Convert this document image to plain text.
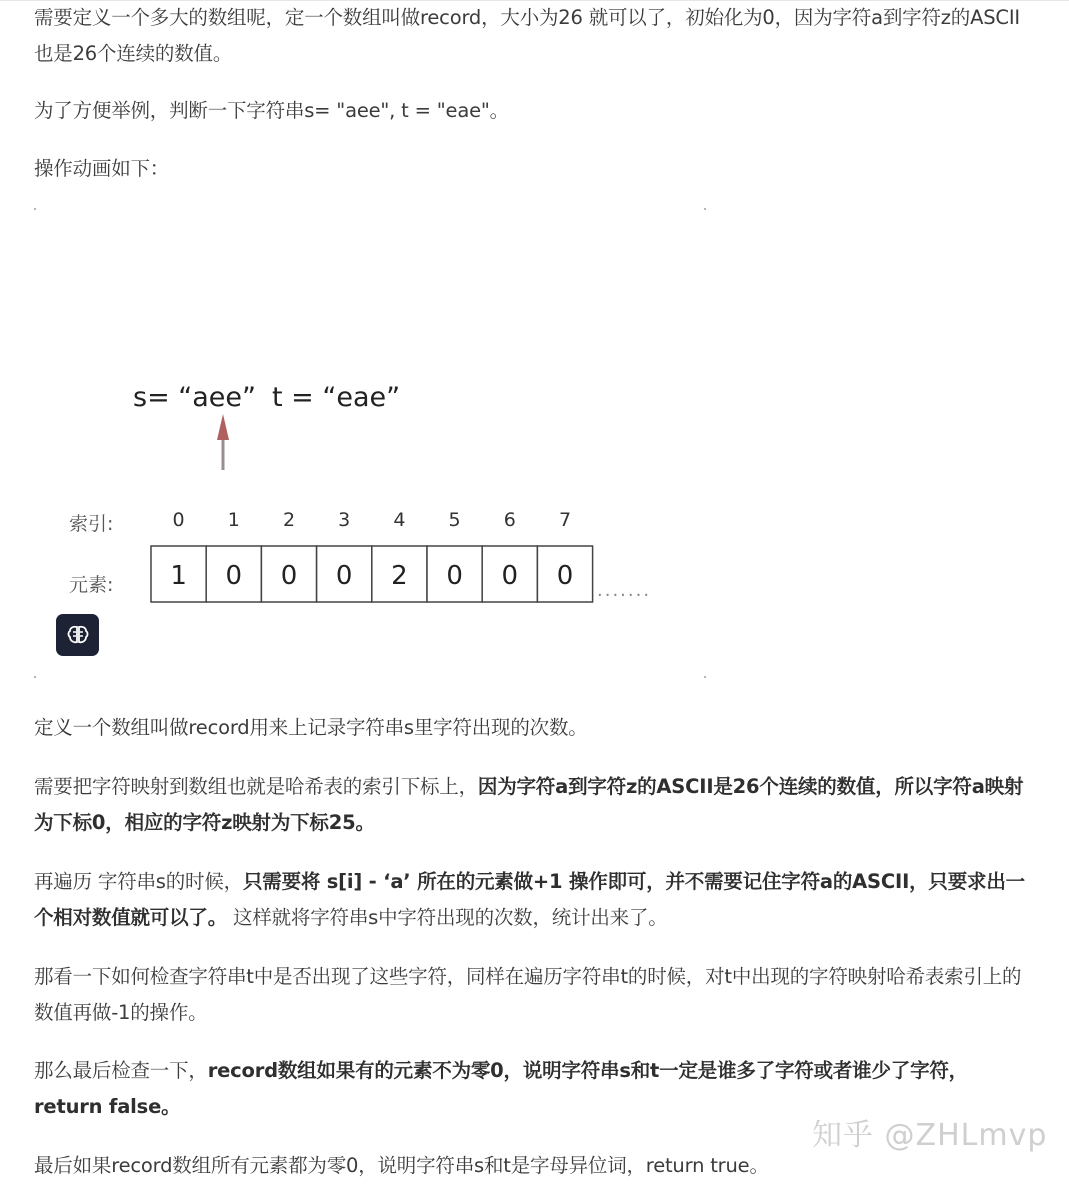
需要定义一个多大的数组呢，定一个数组叫做record，大小为26 就可以了，初始化为0，因为字符a到字符z的ASCII也是26个连续的数值。

为了方便举例，判断一下字符串s= "aee", t = "eae"。

操作动画如下：

s= “aee” t = “eae”
索引:
元素:
0 1 2 3 4 5 6 7
1 0 0 0 2 0 0 0 .......

定义一个数组叫做record用来上记录字符串s里字符出现的次数。

需要把字符映射到数组也就是哈希表的索引下标上，因为字符a到字符z的ASCII是26个连续的数值，所以字符a映射为下标0，相应的字符z映射为下标25。

再遍历 字符串s的时候，只需要将 s[i] - ‘a’ 所在的元素做+1 操作即可，并不需要记住字符a的ASCII，只要求出一个相对数值就可以了。 这样就将字符串s中字符出现的次数，统计出来了。

那看一下如何检查字符串t中是否出现了这些字符，同样在遍历字符串t的时候，对t中出现的字符映射哈希表索引上的数值再做-1的操作。

那么最后检查一下，record数组如果有的元素不为零0，说明字符串s和t一定是谁多了字符或者谁少了字符，return false。

最后如果record数组所有元素都为零0，说明字符串s和t是字母异位词，return true。

知乎 @ZHLmvp
